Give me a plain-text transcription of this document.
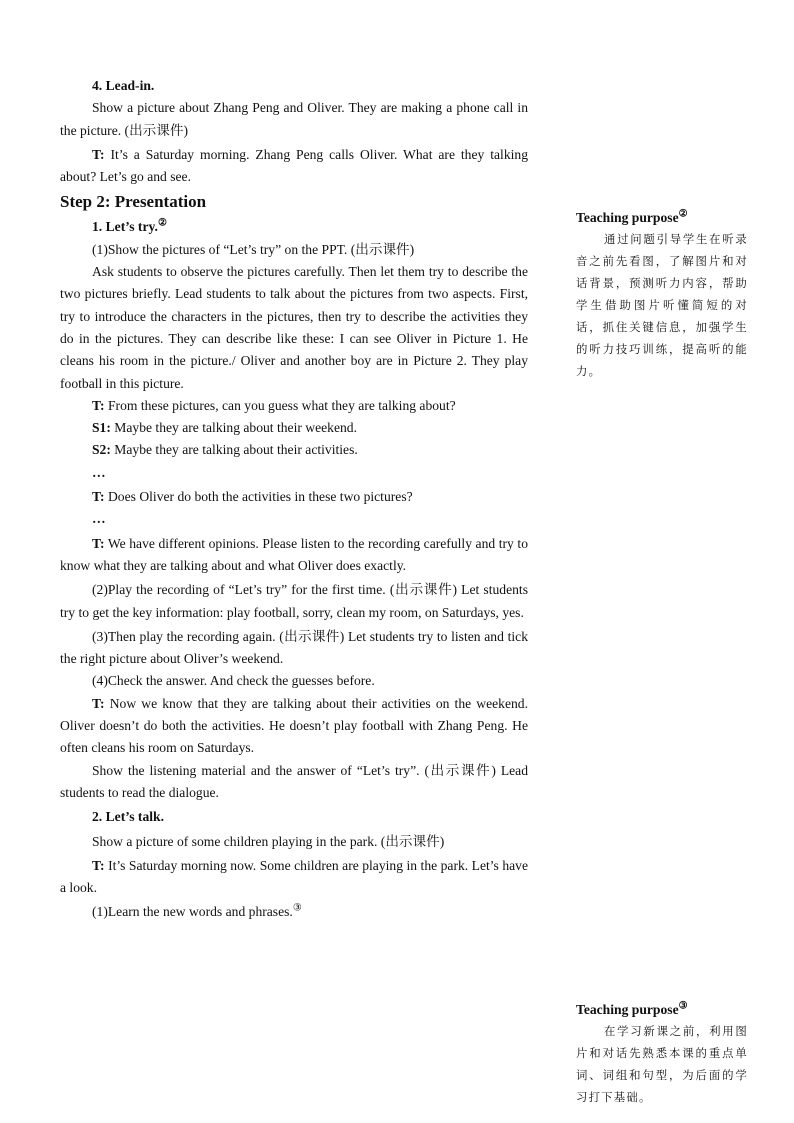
4. Lead-in.

Show a picture about Zhang Peng and Oliver. They are making a phone call in the picture. (出示课件)

T: It’s a Saturday morning. Zhang Peng calls Oliver. What are they talking about? Let’s go and see.

Step 2: Presentation

1. Let’s try.②

(1)Show the pictures of “Let’s try” on the PPT. (出示课件)

Ask students to observe the pictures carefully. Then let them try to describe the two pictures briefly. Lead students to talk about the pictures from two aspects. First, try to introduce the characters in the pictures, then try to describe the activities they do in the pictures. They can describe like these: I can see Oliver in Picture 1. He cleans his room in the picture./ Oliver and another boy are in Picture 2. They play football in this picture.

T: From these pictures, can you guess what they are talking about?

S1: Maybe they are talking about their weekend.

S2: Maybe they are talking about their activities.

…

T: Does Oliver do both the activities in these two pictures?

…

T: We have different opinions. Please listen to the recording carefully and try to know what they are talking about and what Oliver does exactly.

(2)Play the recording of “Let’s try” for the first time. (出示课件) Let students try to get the key information: play football, sorry, clean my room, on Saturdays, yes.

(3)Then play the recording again. (出示课件) Let students try to listen and tick the right picture about Oliver’s weekend.

(4)Check the answer. And check the guesses before.

T: Now we know that they are talking about their activities on the weekend. Oliver doesn’t do both the activities. He doesn’t play football with Zhang Peng. He often cleans his room on Saturdays.

Show the listening material and the answer of “Let’s try”. (出示课件) Lead students to read the dialogue.

2. Let’s talk.

Show a picture of some children playing in the park. (出示课件)

T: It’s Saturday morning now. Some children are playing in the park. Let’s have a look.

(1)Learn the new words and phrases.③

Teaching purpose②

通过问题引导学生在听录音之前先看图，了解图片和对话背景，预测听力内容，帮助学生借助图片听懂简短的对话，抓住关键信息，加强学生的听力技巧训练，提高听的能力。

Teaching purpose③

在学习新课之前，利用图片和对话先熟悉本课的重点单词、词组和句型，为后面的学习打下基础。
